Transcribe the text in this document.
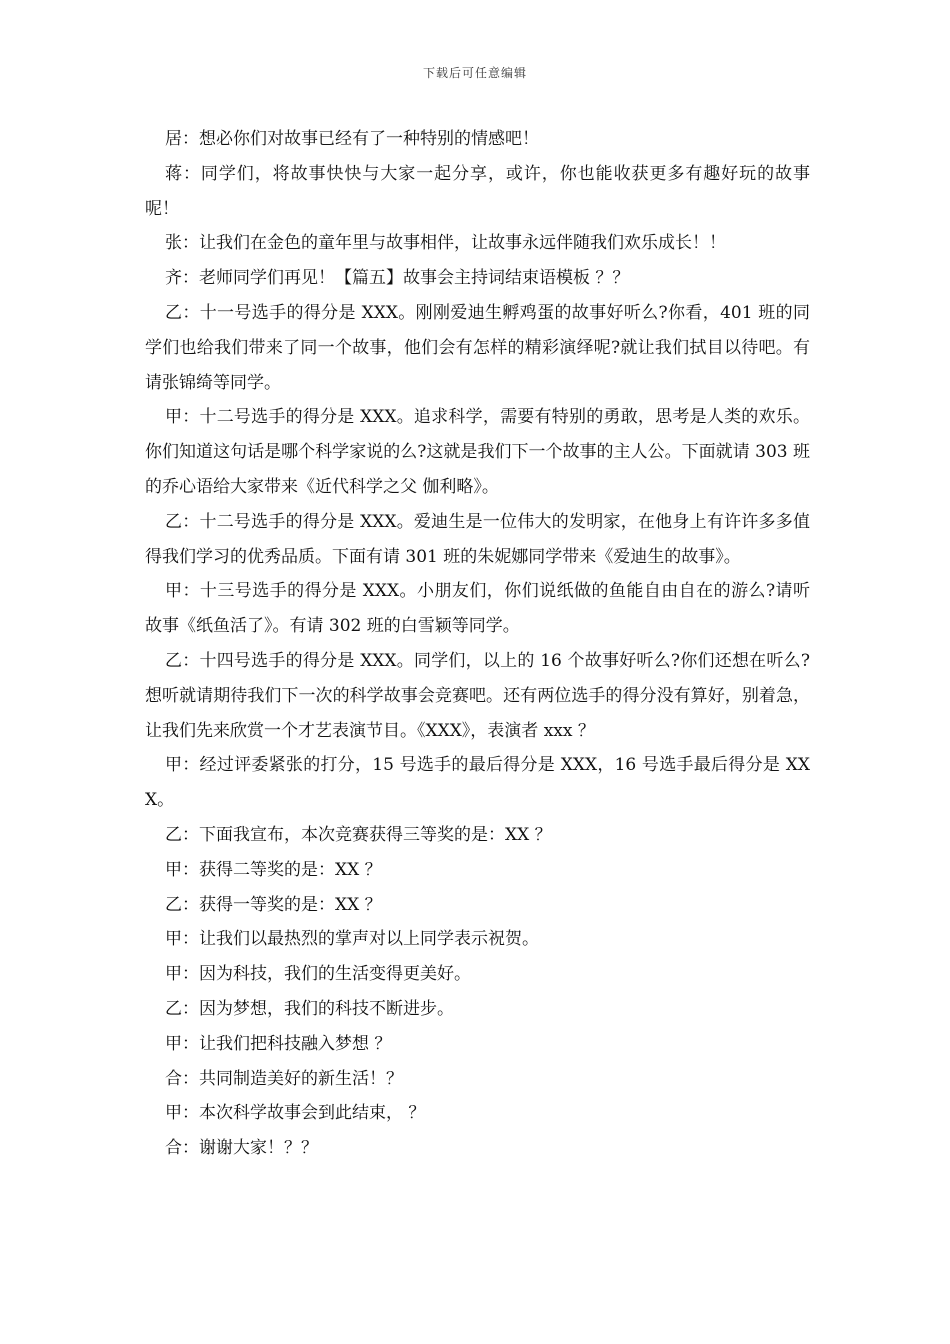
下载后可任意编辑

居：想必你们对故事已经有了一种特别的情感吧！

蒋：同学们，将故事快快与大家一起分享，或许，你也能收获更多有趣好玩的故事呢！

张：让我们在金色的童年里与故事相伴，让故事永远伴随我们欢乐成长！！

齐：老师同学们再见！【篇五】故事会主持词结束语模板 ？？

乙：十一号选手的得分是 XXX。刚刚爱迪生孵鸡蛋的故事好听么?你看，401 班的同学们也给我们带来了同一个故事，他们会有怎样的精彩演绎呢?就让我们拭目以待吧。有请张锦绮等同学。

甲：十二号选手的得分是 XXX。追求科学，需要有特别的勇敢，思考是人类的欢乐。你们知道这句话是哪个科学家说的么?这就是我们下一个故事的主人公。下面就请 303 班的乔心语给大家带来《近代科学之父 伽利略》。

乙：十二号选手的得分是 XXX。爱迪生是一位伟大的发明家，在他身上有许许多多值得我们学习的优秀品质。下面有请 301 班的朱妮娜同学带来《爱迪生的故事》。

甲：十三号选手的得分是 XXX。小朋友们，你们说纸做的鱼能自由自在的游么?请听故事《纸鱼活了》。有请 302 班的白雪颖等同学。

乙：十四号选手的得分是 XXX。同学们，以上的 16 个故事好听么?你们还想在听么?想听就请期待我们下一次的科学故事会竞赛吧。还有两位选手的得分没有算好，别着急，让我们先来欣赏一个才艺表演节目。《XXX》，表演者 xxx ？

甲：经过评委紧张的打分，15 号选手的最后得分是 XXX，16 号选手最后得分是 XXX。

乙：下面我宣布，本次竞赛获得三等奖的是：XX ？

甲：获得二等奖的是：XX ？

乙：获得一等奖的是：XX ？

甲：让我们以最热烈的掌声对以上同学表示祝贺。

甲：因为科技，我们的生活变得更美好。

乙：因为梦想，我们的科技不断进步。

甲：让我们把科技融入梦想 ？

合：共同制造美好的新生活！？

甲：本次科学故事会到此结束， ？

合：谢谢大家！？？
